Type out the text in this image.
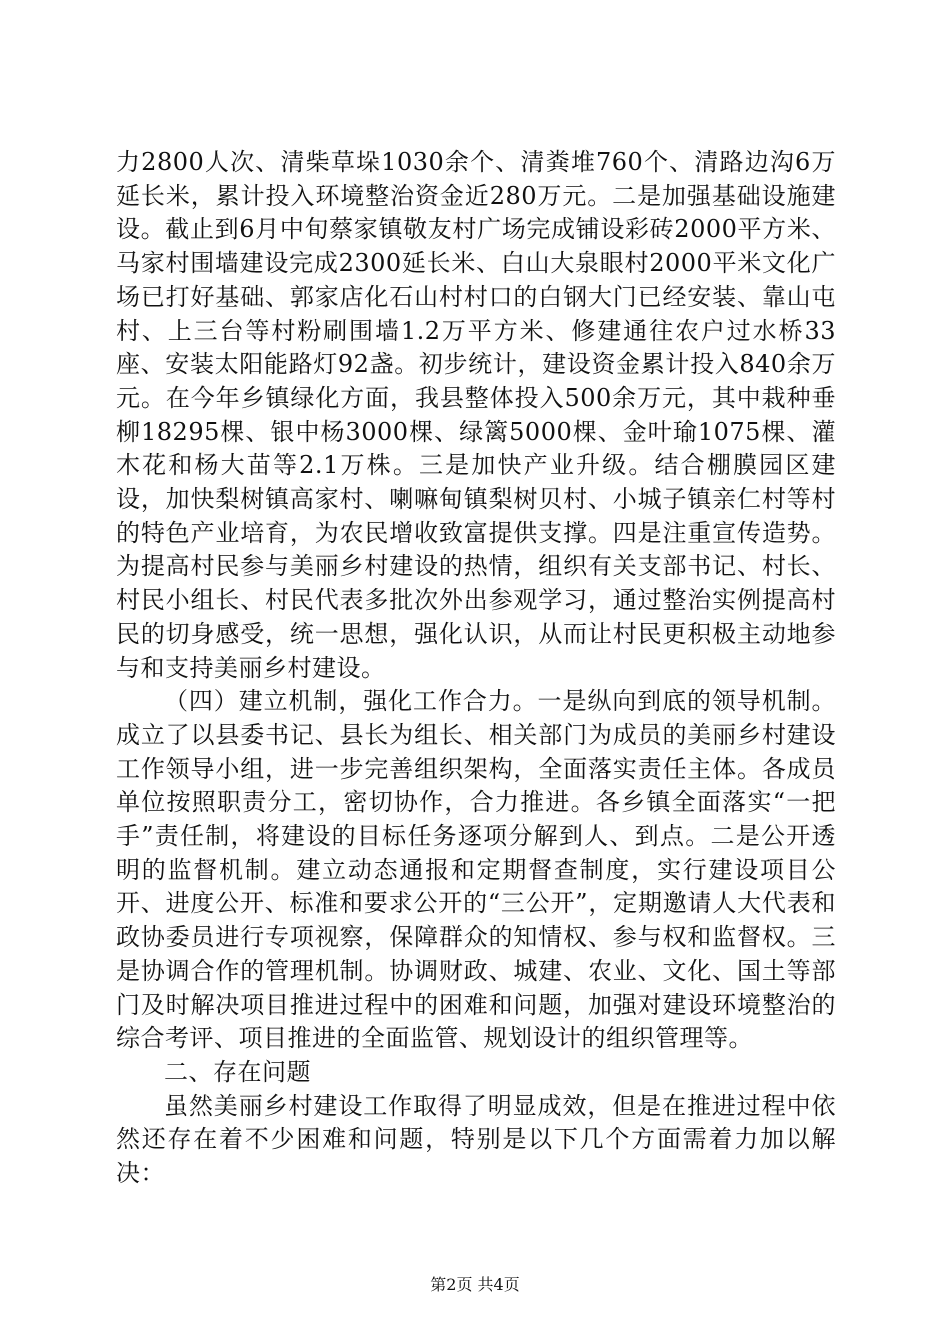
力2800人次、清柴草垛1030余个、清粪堆760个、清路边沟6万延长米，累计投入环境整治资金近280万元。二是加强基础设施建设。截止到6月中旬蔡家镇敬友村广场完成铺设彩砖2000平方米、马家村围墙建设完成2300延长米、白山大泉眼村2000平米文化广场已打好基础、郭家店化石山村村口的白钢大门已经安装、靠山屯村、上三台等村粉刷围墙1.2万平方米、修建通往农户过水桥33座、安装太阳能路灯92盏。初步统计，建设资金累计投入840余万元。在今年乡镇绿化方面，我县整体投入500余万元，其中栽种垂柳18295棵、银中杨3000棵、绿篱5000棵、金叶瑜1075棵、灌木花和杨大苗等2.1万株。三是加快产业升级。结合棚膜园区建设，加快梨树镇高家村、喇嘛甸镇梨树贝村、小城子镇亲仁村等村的特色产业培育，为农民增收致富提供支撑。四是注重宣传造势。为提高村民参与美丽乡村建设的热情，组织有关支部书记、村长、村民小组长、村民代表多批次外出参观学习，通过整治实例提高村民的切身感受，统一思想，强化认识，从而让村民更积极主动地参与和支持美丽乡村建设。

（四）建立机制，强化工作合力。一是纵向到底的领导机制。成立了以县委书记、县长为组长、相关部门为成员的美丽乡村建设工作领导小组，进一步完善组织架构，全面落实责任主体。各成员单位按照职责分工，密切协作，合力推进。各乡镇全面落实“一把手”责任制，将建设的目标任务逐项分解到人、到点。二是公开透明的监督机制。建立动态通报和定期督查制度，实行建设项目公开、进度公开、标准和要求公开的“三公开”，定期邀请人大代表和政协委员进行专项视察，保障群众的知情权、参与权和监督权。三是协调合作的管理机制。协调财政、城建、农业、文化、国土等部门及时解决项目推进过程中的困难和问题，加强对建设环境整治的综合考评、项目推进的全面监管、规划设计的组织管理等。

二、存在问题

虽然美丽乡村建设工作取得了明显成效，但是在推进过程中依然还存在着不少困难和问题，特别是以下几个方面需着力加以解决：

第2页 共4页
